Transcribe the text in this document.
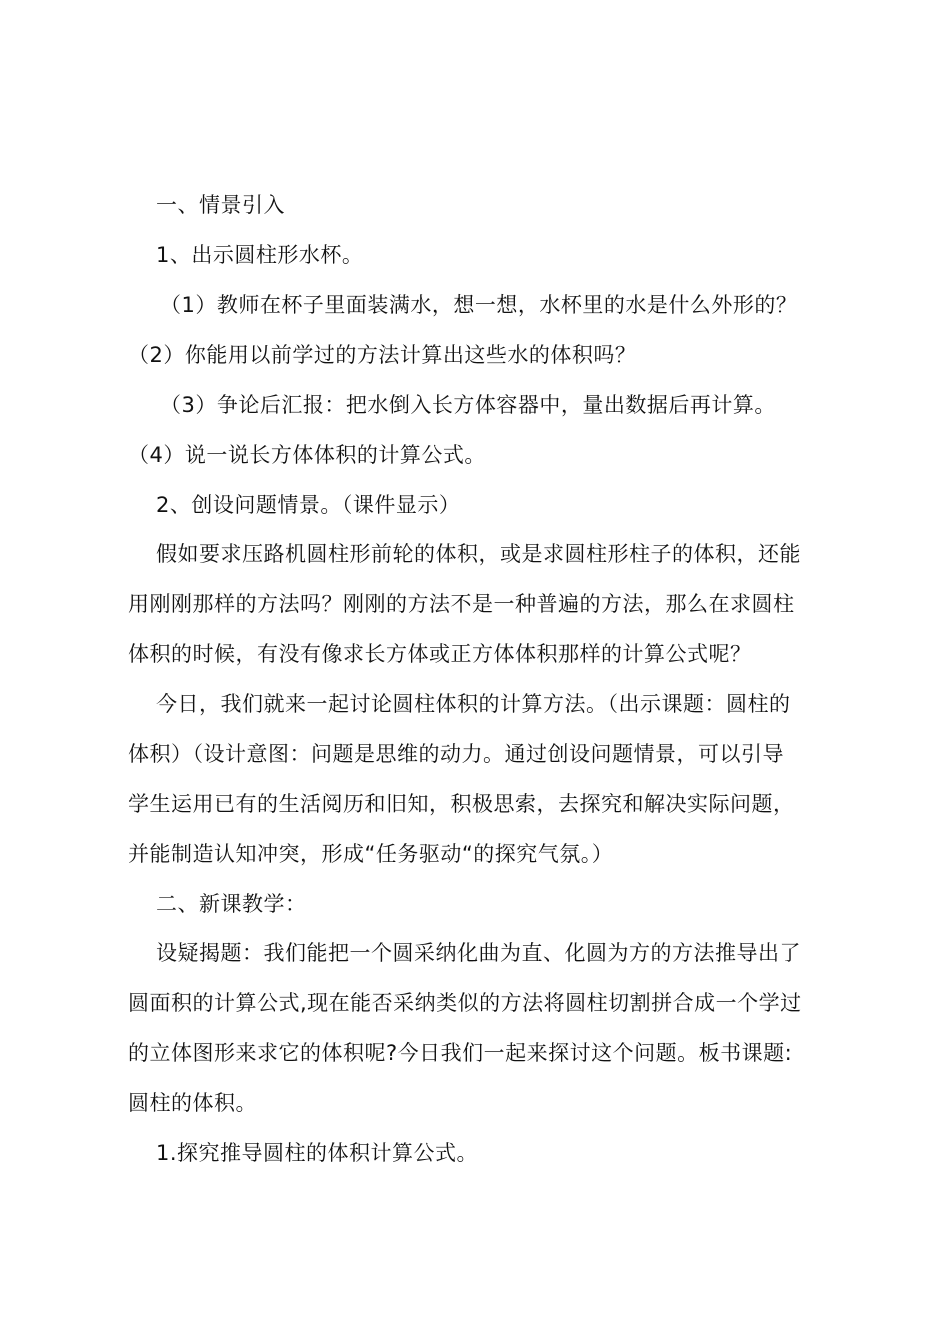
一、情景引入
1、出示圆柱形水杯。
（1）教师在杯子里面装满水，想一想，水杯里的水是什么外形的？
（2）你能用以前学过的方法计算出这些水的体积吗？
（3）争论后汇报：把水倒入长方体容器中，量出数据后再计算。
（4）说一说长方体体积的计算公式。
2、创设问题情景。（课件显示）
假如要求压路机圆柱形前轮的体积，或是求圆柱形柱子的体积，还能
用刚刚那样的方法吗？刚刚的方法不是一种普遍的方法，那么在求圆柱
体积的时候，有没有像求长方体或正方体体积那样的计算公式呢？
今日，我们就来一起讨论圆柱体积的计算方法。（出示课题：圆柱的
体积）（设计意图：问题是思维的动力。通过创设问题情景，可以引导
学生运用已有的生活阅历和旧知，积极思索，去探究和解决实际问题，
并能制造认知冲突，形成“任务驱动“的探究气氛。）
二、新课教学：
设疑揭题：我们能把一个圆采纳化曲为直、化圆为方的方法推导出了
圆面积的计算公式,现在能否采纳类似的方法将圆柱切割拼合成一个学过
的立体图形来求它的体积呢?今日我们一起来探讨这个问题。板书课题:
圆柱的体积。
1.探究推导圆柱的体积计算公式。
